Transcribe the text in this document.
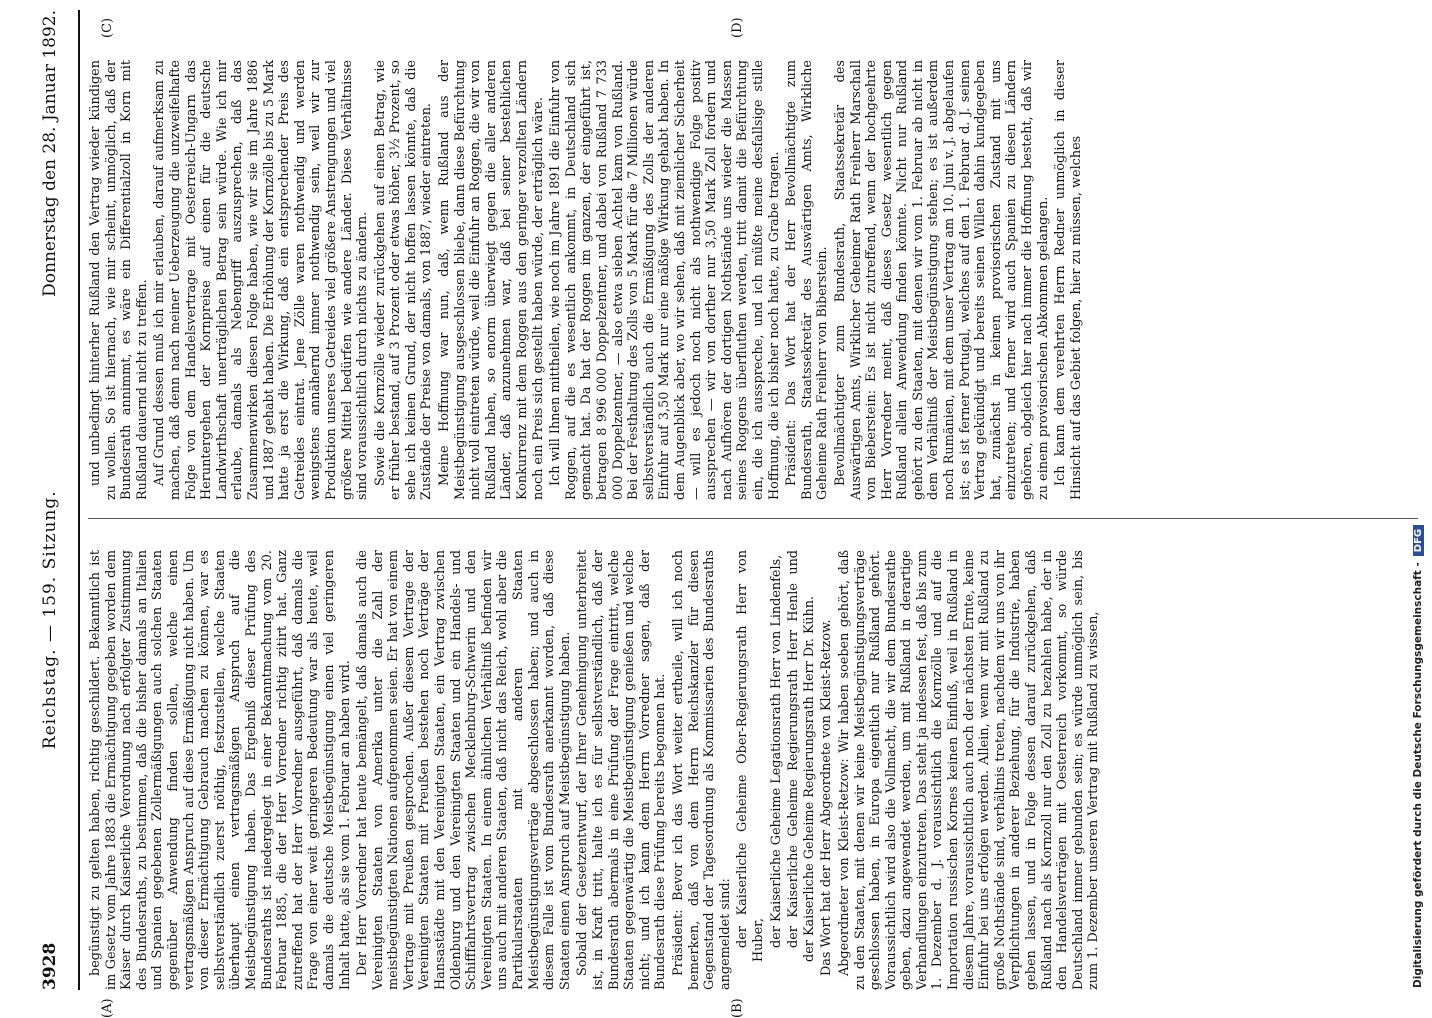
3928
Reichstag. — 159. Sitzung.
Donnerstag den 28. Januar 1892.
(A)	(B)
(C)	(D)

begünstigt zu gelten haben, richtig geschildert. Bekanntlich ist im Gesetz vom Jahre 1883 die Ermächtigung gegeben worden dem Kaiser durch Kaiserliche Verordnung nach erfolgter Zustimmung des Bundesraths, zu bestimmen, daß die bisher damals an Italien und Spanien gegebenen Zollermäßigungen auch solchen Staaten gegenüber Anwendung finden sollen, welche einen vertragsmäßigen Anspruch auf diese Ermäßigung nicht haben. Um von dieser Ermächtigung Gebrauch machen zu können, war es selbstverständlich zuerst nöthig, festzustellen, welche Staaten überhaupt einen vertragsmäßigen Anspruch auf die Meistbegünstigung haben. Das Ergebniß dieser Prüfung des Bundesraths ist niedergelegt in einer Bekanntmachung vom 20. Februar 1885, die der Herr Vorredner richtig zitirt hat. Ganz zutreffend hat der Herr Vorredner ausgeführt, daß damals die Frage von einer weit geringeren Bedeutung war als heute, weil damals die deutsche Meistbegünstigung einen viel geringeren Inhalt hatte, als sie vom 1. Februar an haben wird. Der Herr Vorredner hat heute bemängelt, daß damals auch die Vereinigten Staaten von Amerika unter die Zahl der meistbegünstigten Nationen aufgenommen seien. Er hat von einem Vertrage mit Preußen gesprochen. Außer diesem Vertrage der Vereinigten Staaten mit Preußen bestehen noch Verträge der Hansastädte mit den Vereinigten Staaten, ein Vertrag zwischen Oldenburg und den Vereinigten Staaten und ein Handels- und Schifffahrtsvertrag zwischen Mecklenburg-Schwerin und den Vereinigten Staaten. In einem ähnlichen Verhältniß befinden wir uns auch mit anderen Staaten, daß nicht das Reich, wohl aber die Partikularstaaten mit anderen Staaten Meistbegünstigungsverträge abgeschlossen haben; und auch in diesem Falle ist vom Bundesrath anerkannt worden, daß diese Staaten einen Anspruch auf Meistbegünstigung haben. Sobald der Gesetzentwurf, der Ihrer Genehmigung unterbreitet ist, in Kraft tritt, halte ich es für selbstverständlich, daß der Bundesrath abermals in eine Prüfung der Frage eintritt, welche Staaten gegenwärtig die Meistbegünstigung genießen und welche nicht; und ich kann dem Herrn Vorredner sagen, daß der Bundesrath diese Prüfung bereits begonnen hat. Präsident: Bevor ich das Wort weiter ertheile, will ich noch bemerken, daß von dem Herrn Reichskanzler für diesen Gegenstand der Tagesordnung als Kommissarien des Bundesraths angemeldet sind: der Kaiserliche Geheime Ober-Regierungsrath Herr von Huber, der Kaiserliche Geheime Legationsrath Herr von Lindenfels, der Kaiserliche Geheime Regierungsrath Herr Henle und der Kaiserliche Geheime Regierungsrath Herr Dr. Kühn. Das Wort hat der Herr Abgeordnete von Kleist-Retzow. Abgeordneter von Kleist-Retzow: Wir haben soeben gehört, daß zu den Staaten, mit denen wir keine Meistbegünstigungsverträge geschlossen haben, in Europa eigentlich nur Rußland gehört. Voraussichtlich wird also die Vollmacht, die wir dem Bundesrathe geben, dazu angewendet werden, um mit Rußland in derartige Verhandlungen einzutreten. Das steht ja indessen fest, daß bis zum 1. Dezember d. J. voraussichtlich die Kornzölle und auf die Importation russischen Kornes keinen Einfluß, weil in Rußland in diesem Jahre, voraussichtlich auch noch der nächsten Ernte, keine Einfuhr bei uns erfolgen werden. Allein, wenn wir mit Rußland zu große Nothstände sind, verhältnis treten, nachdem wir uns von ihr Verpflichtungen in anderer Beziehung, für die Industrie, haben geben lassen, und in Folge dessen darauf zurückgehen, daß Rußland nach als Kornzoll nur den Zoll zu bezahlen habe, der in den Handelsverträgen mit Oesterreich vorkommt, so würde Deutschland immer gebunden sein; es würde unmöglich sein, bis zum 1. Dezember unseren Vertrag mit Rußland zu wissen,

und unbedingt hinterher Rußland den Vertrag wieder kündigen zu wollen. So ist hiernach, wie mir scheint, unmöglich, daß der Bundesrath annimmt, es wäre ein Differentialzoll in Korn mit Rußland dauernd nicht zu treffen. Auf Grund dessen muß ich mir erlauben, darauf aufmerksam zu machen, daß denn nach meiner Ueberzeugung die unzweifelhafte Folge von dem Handelsvertrage mit Oesterreich-Ungarn das Heruntergehen der Kornpreise auf einen für die deutsche Landwirthschaft unerträglichen Betrag sein würde. Wie ich mir erlaube, damals als Nebengriff auszusprechen, daß das Zusammenwirken diesen Folge haben, wie wir sie im Jahre 1886 und 1887 gehabt haben. Die Erhöhung der Kornzölle bis zu 5 Mark hatte ja erst die Wirkung, daß ein entsprechender Preis des Getreides eintrat. Jene Zölle waren nothwendig und werden wenigstens annähernd immer nothwendig sein, weil wir zur Produktion unseres Getreides viel größere Anstrengungen und viel größere Mittel bedürfen wie andere Länder. Diese Verhältnisse sind voraussichtlich durch nichts zu ändern. Sowie die Kornzölle wieder zurückgehen auf einen Betrag, wie er früher bestand, auf 3 Prozent oder etwas höher, 3½ Prozent, so sehe ich keinen Grund, der nicht hoffen lassen könnte, daß die Zustände der Preise von damals, von 1887, wieder eintreten. Meine Hoffnung war nun, daß, wenn Rußland aus der Meistbegünstigung ausgeschlossen bliebe, dann diese Befürchtung nicht voll eintreten würde, weil die Einfuhr an Roggen, die wir von Rußland haben, so enorm überwiegt gegen die aller anderen Länder, daß anzunehmen war, daß bei seiner bestehlichen Konkurrenz mit dem Roggen aus den geringer verzollten Ländern noch ein Preis sich gestellt haben würde, der erträglich wäre. Ich will Ihnen mittheilen, wie noch im Jahre 1891 die Einfuhr von Roggen, auf die es wesentlich ankommt, in Deutschland sich gemacht hat. Da hat der Roggen im ganzen, der eingeführt ist, betragen 8 996 000 Doppelzentner, und dabei von Rußland 7 733 000 Doppelzentner, — also etwa sieben Achtel kam von Rußland. Bei der Festhaltung des Zolls von 5 Mark für die 7 Millionen würde selbstverständlich auch die Ermäßigung des Zolls der anderen Einfuhr auf 3,50 Mark nur eine mäßige Wirkung gehabt haben. In dem Augenblick aber, wo wir sehen, daß mit ziemlicher Sicherheit — will es jedoch noch nicht als nothwendige Folge positiv aussprechen — wir von dorther nur 3,50 Mark Zoll fordern und nach Aufhören der dortigen Nothstände uns wieder die Massen seines Roggens überfluthen werden, tritt damit die Befürchtung ein, die ich ausspreche, und ich müßte meine desfallsige stille Hoffnung, die ich bisher noch hatte, zu Grabe tragen. Präsident: Das Wort hat der Herr Bevollmächtigte zum Bundesrath, Staatssekretär des Auswärtigen Amts, Wirkliche Geheime Rath Freiherr von Biberstein. Bevollmächtigter zum Bundesrath, Staatssekretär des Auswärtigen Amts, Wirklicher Geheimer Rath Freiherr Marschall von Bieberstein: Es ist nicht zutreffend, wenn der hochgeehrte Herr Vorredner meint, daß dieses Gesetz wesentlich gegen Rußland allein Anwendung finden könnte. Nicht nur Rußland gehört zu den Staaten, mit denen wir vom 1. Februar ab nicht in dem Verhältniß der Meistbegünstigung stehen; es ist außerdem noch Rumänien, mit dem unser Vertrag am 10. Juni v. J. abgelaufen ist; es ist ferner Portugal, welches auf den 1. Februar d. J. seinen Vertrag gekündigt und bereits seinen Willen dahin kundgegeben hat, zunächst in keinen provisorischen Zustand mit uns einzutreten; und ferner wird auch Spanien zu diesen Ländern gehören, obgleich hier nach immer die Hoffnung besteht, daß wir zu einem provisorischen Abkommen gelangen. Ich kann dem verehrten Herrn Redner unmöglich in dieser Hinsicht auf das Gebiet folgen, hier zu müssen, welches

Digitalisierung gefördert durch die Deutsche Forschungsgemeinschaft -DFG
